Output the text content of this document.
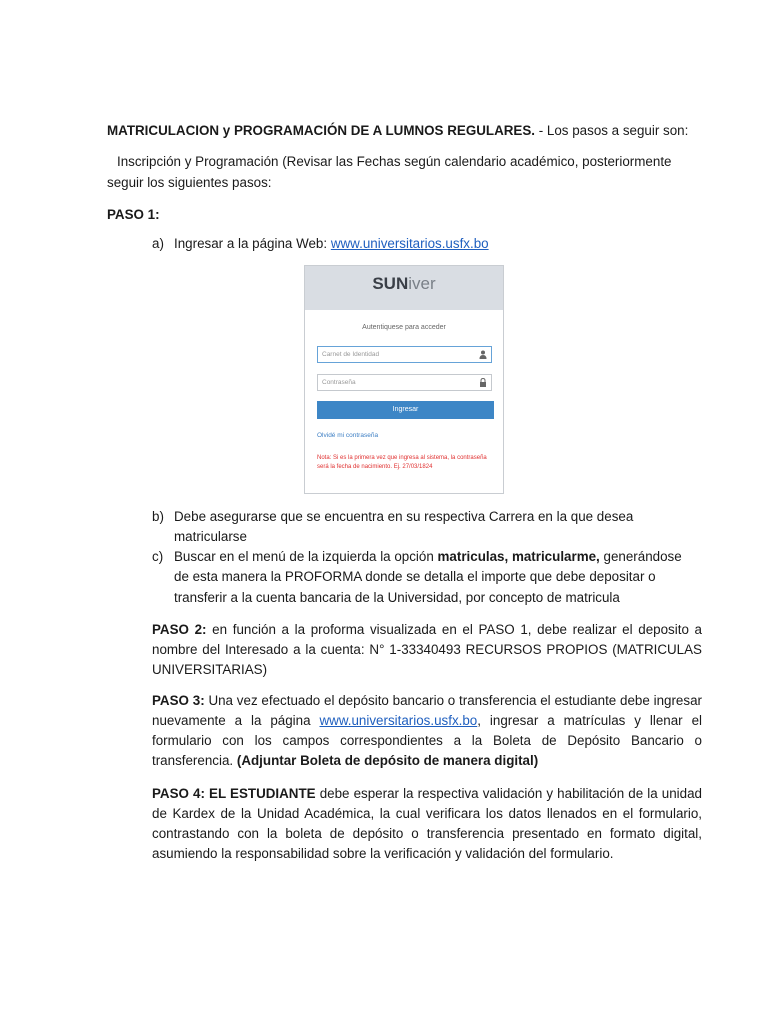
MATRICULACION y PROGRAMACIÓN DE A LUMNOS REGULARES. - Los pasos a seguir son:

Inscripción y Programación (Revisar las Fechas según calendario académico, posteriormente

seguir los siguientes pasos:

PASO 1:

a) Ingresar a la página Web: www.universitarios.usfx.bo

SUNiver
Autentiquese para acceder
Carnet de Identidad
Contraseña
Ingresar
Olvidé mi contraseña
Nota: Si es la primera vez que ingresa al sistema, la contraseña será la fecha de nacimiento. Ej. 27/03/1824
b) Debe asegurarse que se encuentra en su respectiva Carrera en la que desea

matricularse

c) Buscar en el menú de la izquierda la opción matriculas, matricularme, generándose

de esta manera la PROFORMA donde se detalla el importe que debe depositar o

transferir a la cuenta bancaria de la Universidad, por concepto de matricula

PASO 2: en función a la proforma visualizada en el PASO 1, debe realizar el deposito a nombre del Interesado a la cuenta: N° 1-33340493 RECURSOS PROPIOS (MATRICULAS UNIVERSITARIAS)

PASO 3: Una vez efectuado el depósito bancario o transferencia el estudiante debe ingresar nuevamente a la página www.universitarios.usfx.bo, ingresar a matrículas y llenar el formulario con los campos correspondientes a la Boleta de Depósito Bancario o transferencia. (Adjuntar Boleta de depósito de manera digital)

PASO 4: EL ESTUDIANTE debe esperar la respectiva validación y habilitación de la unidad de Kardex de la Unidad Académica, la cual verificara los datos llenados en el formulario, contrastando con la boleta de depósito o transferencia presentado en formato digital, asumiendo la responsabilidad sobre la verificación y validación del formulario.
